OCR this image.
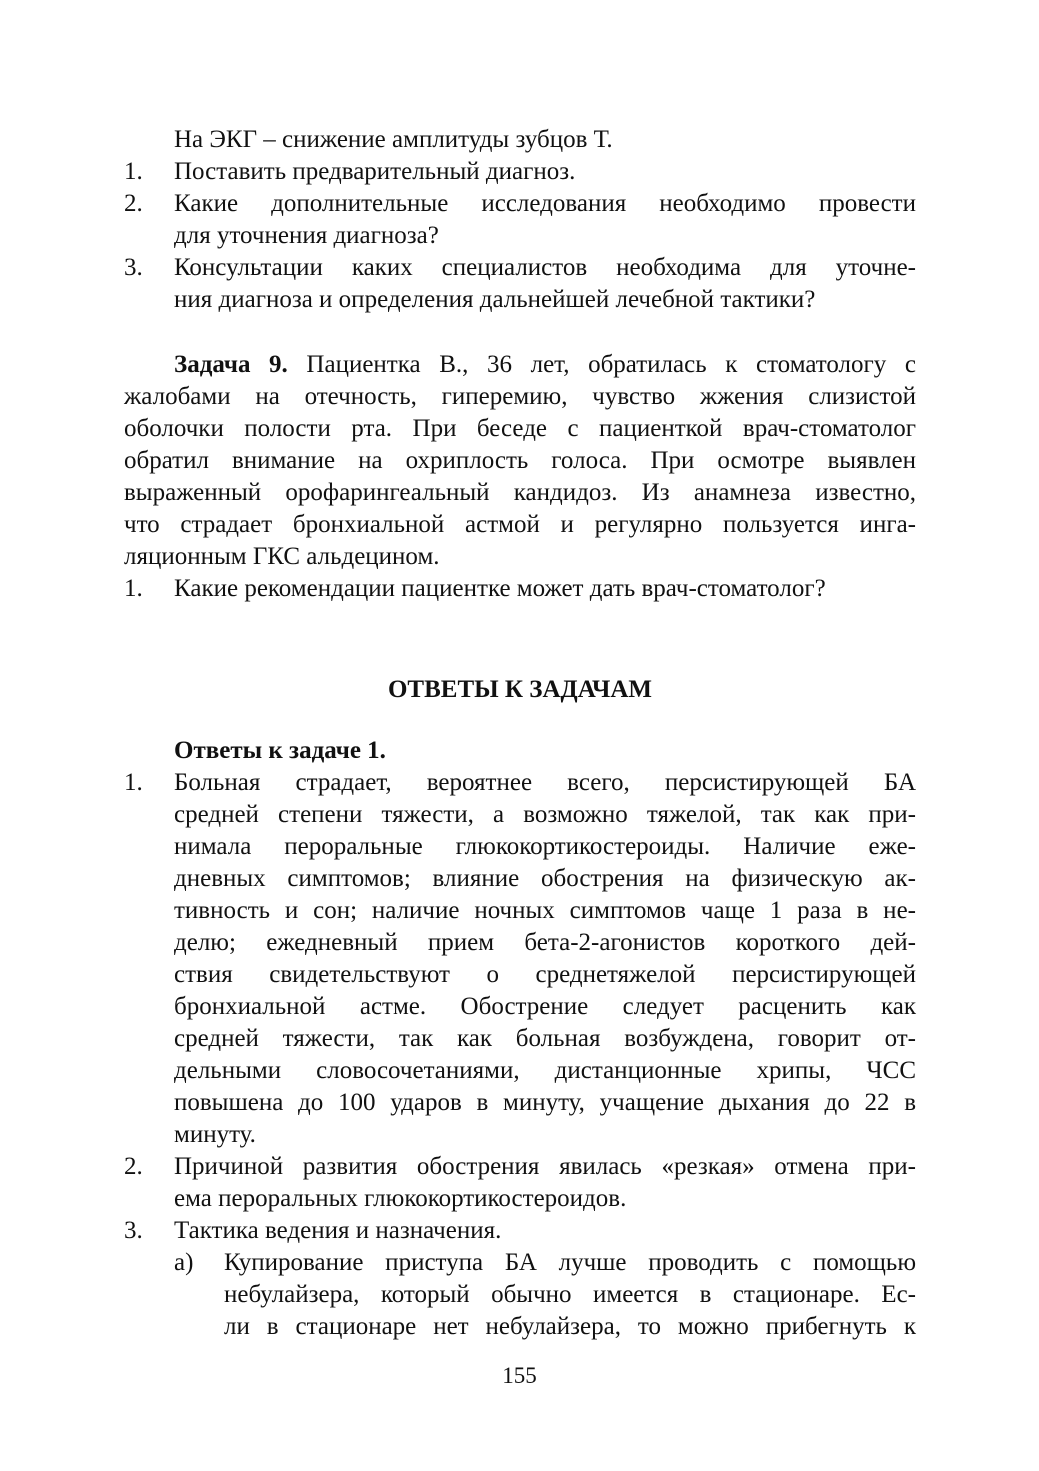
На ЭКГ – снижение амплитуды зубцов Т.
1.	Поставить предварительный диагноз.
2.	Какие дополнительные исследования необходимо провести
для уточнения диагноза?
3.	Консультации каких специалистов необходима для уточне-
ния диагноза и определения дальнейшей лечебной тактики?
Задача 9. Пациентка В., 36 лет, обратилась к стоматологу с
жалобами на отечность, гиперемию, чувство жжения слизистой
оболочки полости рта. При беседе с пациенткой врач-стоматолог
обратил внимание на охриплость голоса. При осмотре выявлен
выраженный орофарингеальный кандидоз. Из анамнеза известно,
что страдает бронхиальной астмой и регулярно пользуется инга-
ляционным ГКС альдецином.
1.	Какие рекомендации пациентке может дать врач-стоматолог?
ОТВЕТЫ К ЗАДАЧАМ
Ответы к задаче 1.
1.	Больная страдает, вероятнее всего, персистирующей БА
средней степени тяжести, а возможно тяжелой, так как при-
нимала пероральные глюкокортикостероиды. Наличие еже-
дневных симптомов; влияние обострения на физическую ак-
тивность и сон; наличие ночных симптомов чаще 1 раза в не-
делю; ежедневный прием бета-2-агонистов короткого дей-
ствия свидетельствуют о среднетяжелой персистирующей
бронхиальной астме. Обострение следует расценить как
средней тяжести, так как больная возбуждена, говорит от-
дельными словосочетаниями, дистанционные хрипы, ЧСС
повышена до 100 ударов в минуту, учащение дыхания до 22 в
минуту.
2.	Причиной развития обострения явилась «резкая» отмена при-
ема пероральных глюкокортикостероидов.
3.	Тактика ведения и назначения.
а)	Купирование приступа БА лучше проводить с помощью
небулайзера, который обычно имеется в стационаре. Ес-
ли в стационаре нет небулайзера, то можно прибегнуть к
155
